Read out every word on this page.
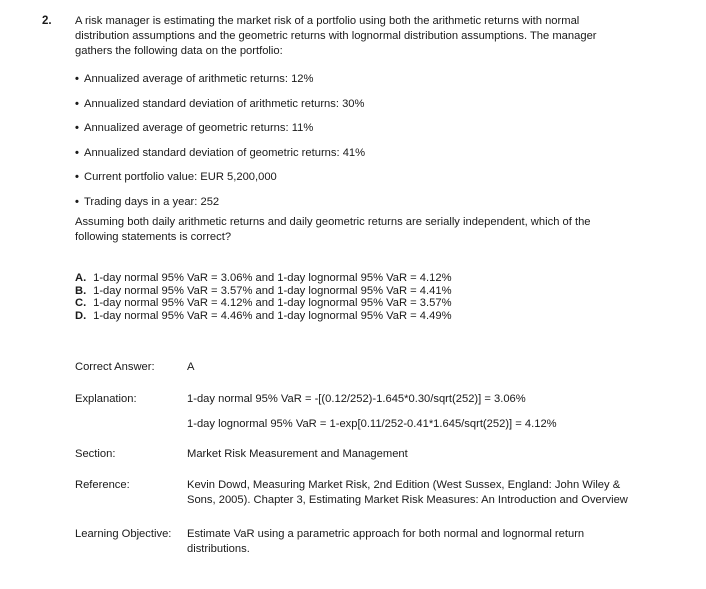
2. A risk manager is estimating the market risk of a portfolio using both the arithmetic returns with normal
distribution assumptions and the geometric returns with lognormal distribution assumptions. The manager
gathers the following data on the portfolio:
• Annualized average of arithmetic returns: 12%
• Annualized standard deviation of arithmetic returns: 30%
• Annualized average of geometric returns: 11%
• Annualized standard deviation of geometric returns: 41%
• Current portfolio value: EUR 5,200,000
• Trading days in a year: 252
Assuming both daily arithmetic returns and daily geometric returns are serially independent, which of the
following statements is correct?
A. 1-day normal 95% VaR = 3.06% and 1-day lognormal 95% VaR = 4.12%
B. 1-day normal 95% VaR = 3.57% and 1-day lognormal 95% VaR = 4.41%
C. 1-day normal 95% VaR = 4.12% and 1-day lognormal 95% VaR = 3.57%
D. 1-day normal 95% VaR = 4.46% and 1-day lognormal 95% VaR = 4.49%
Correct Answer:	A
Explanation:	1-day normal 95% VaR = -[(0.12/252)-1.645*0.30/sqrt(252)] = 3.06%
1-day lognormal 95% VaR = 1-exp[0.11/252-0.41*1.645/sqrt(252)] = 4.12%
Section:	Market Risk Measurement and Management
Reference:	Kevin Dowd, Measuring Market Risk, 2nd Edition (West Sussex, England: John Wiley &
Sons, 2005). Chapter 3, Estimating Market Risk Measures: An Introduction and Overview
Learning Objective: Estimate VaR using a parametric approach for both normal and lognormal return
distributions.
